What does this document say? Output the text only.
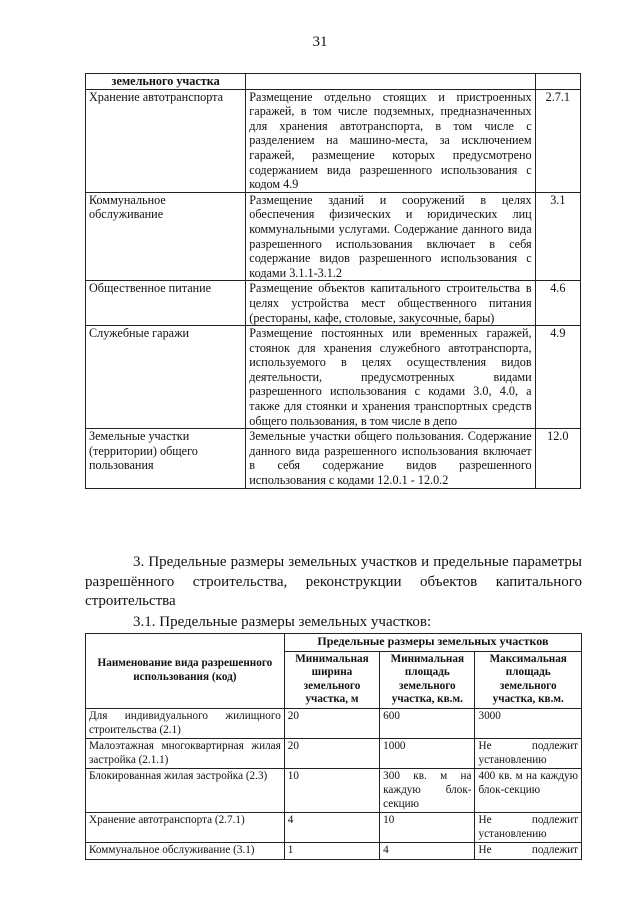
31
земельного участка		
Хранение автотранспорта	Размещение отдельно стоящих и пристроенных гаражей, в том числе подземных, предназначенных для хранения автотранспорта, в том числе с разделением на машино-места, за исключением гаражей, размещение которых предусмотрено содержанием вида разрешенного использования с кодом 4.9	2.7.1
Коммунальное обслуживание	Размещение зданий и сооружений в целях обеспечения физических и юридических лиц коммунальными услугами. Содержание данного вида разрешенного использования включает в себя содержание видов разрешенного использования с кодами 3.1.1-3.1.2	3.1
Общественное питание	Размещение объектов капитального строительства в целях устройства мест общественного питания (рестораны, кафе, столовые, закусочные, бары)	4.6
Служебные гаражи	Размещение постоянных или временных гаражей, стоянок для хранения служебного автотранспорта, используемого в целях осуществления видов деятельности, предусмотренных видами разрешенного использования с кодами 3.0, 4.0, а также для стоянки и хранения транспортных средств общего пользования, в том числе в депо	4.9
Земельные участки (территории) общего пользования	Земельные участки общего пользования. Содержание данного вида разрешенного использования включает в себя содержание видов разрешенного использования с кодами 12.0.1 - 12.0.2	12.0
3. Предельные размеры земельных участков и предельные параметры разрешённого строительства, реконструкции объектов капитального строительства
3.1. Предельные размеры земельных участков:
Наименование вида разрешенного использования (код)	Предельные размеры земельных участков		
	Минимальная ширина земельного участка, м	Минимальная площадь земельного участка, кв.м.	Максимальная площадь земельного участка, кв.м.
Для индивидуального жилищного строительства (2.1)	20	600	3000
Малоэтажная многоквартирная жилая застройка (2.1.1)	20	1000	Не подлежит установлению
Блокированная жилая застройка (2.3)	10	300 кв. м на каждую блок-секцию	400 кв. м на каждую блок-секцию
Хранение автотранспорта (2.7.1)	4	10	Не подлежит установлению
Коммунальное обслуживание (3.1)	1	4	Не подлежит
